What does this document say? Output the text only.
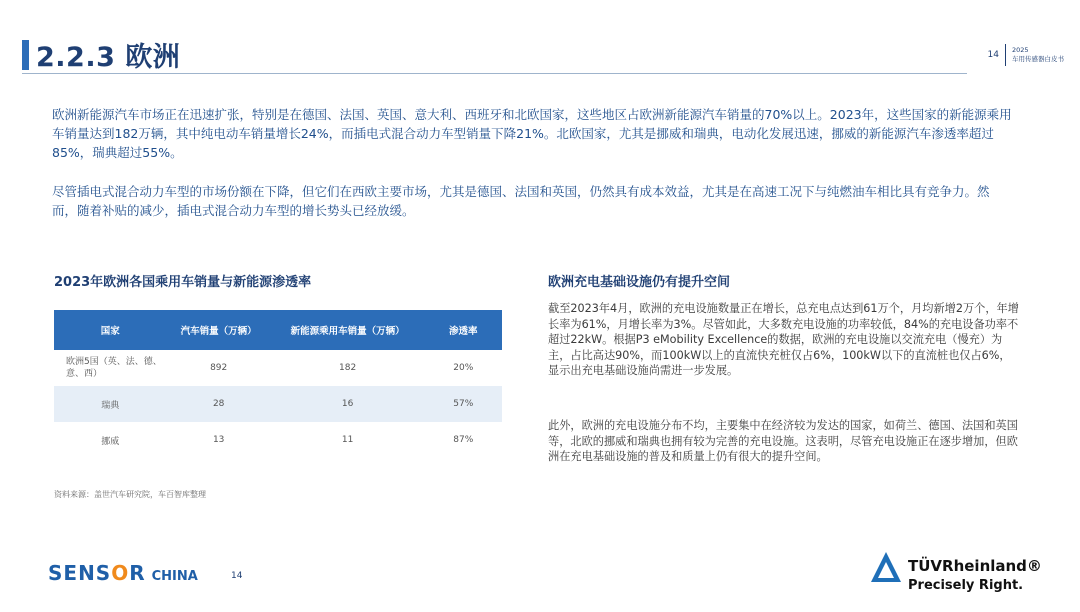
2.2.3 欧洲	14	2025
车用传感器白皮书

欧洲新能源汽车市场正在迅速扩张，特别是在德国、法国、英国、意大利、西班牙和北欧国家，这些地区占欧洲新能源汽车销量的70%以上。2023年，这些国家的新能源乘用车销量达到182万辆，其中纯电动车销量增长24%，而插电式混合动力车型销量下降21%。北欧国家，尤其是挪威和瑞典，电动化发展迅速，挪威的新能源汽车渗透率超过85%，瑞典超过55%。

尽管插电式混合动力车型的市场份额在下降，但它们在西欧主要市场，尤其是德国、法国和英国，仍然具有成本效益，尤其是在高速工况下与纯燃油车相比具有竞争力。然而，随着补贴的减少，插电式混合动力车型的增长势头已经放缓。

2023年欧洲各国乘用车销量与新能源渗透率
国家	汽车销量（万辆）	新能源乘用车销量（万辆）	渗透率
欧洲5国（英、法、德、意、西）	892	182	20%
瑞典	28	16	57%
挪威	13	11	87%

资料来源：盖世汽车研究院，车百智库整理

欧洲充电基础设施仍有提升空间

截至2023年4月，欧洲的充电设施数量正在增长，总充电点达到61万个，月均新增2万个，年增长率为61%，月增长率为3%。尽管如此，大多数充电设施的功率较低，84%的充电设备功率不超过22kW。根据P3 eMobility Excellence的数据，欧洲的充电设施以交流充电（慢充）为主，占比高达90%，而100kW以上的直流快充桩仅占6%，100kW以下的直流桩也仅占6%，显示出充电基础设施尚需进一步发展。

此外，欧洲的充电设施分布不均，主要集中在经济较为发达的国家，如荷兰、德国、法国和英国等，北欧的挪威和瑞典也拥有较为完善的充电设施。这表明，尽管充电设施正在逐步增加，但欧洲在充电基础设施的普及和质量上仍有很大的提升空间。

SENSOR CHINA	14
TÜVRheinland®
Precisely Right.
